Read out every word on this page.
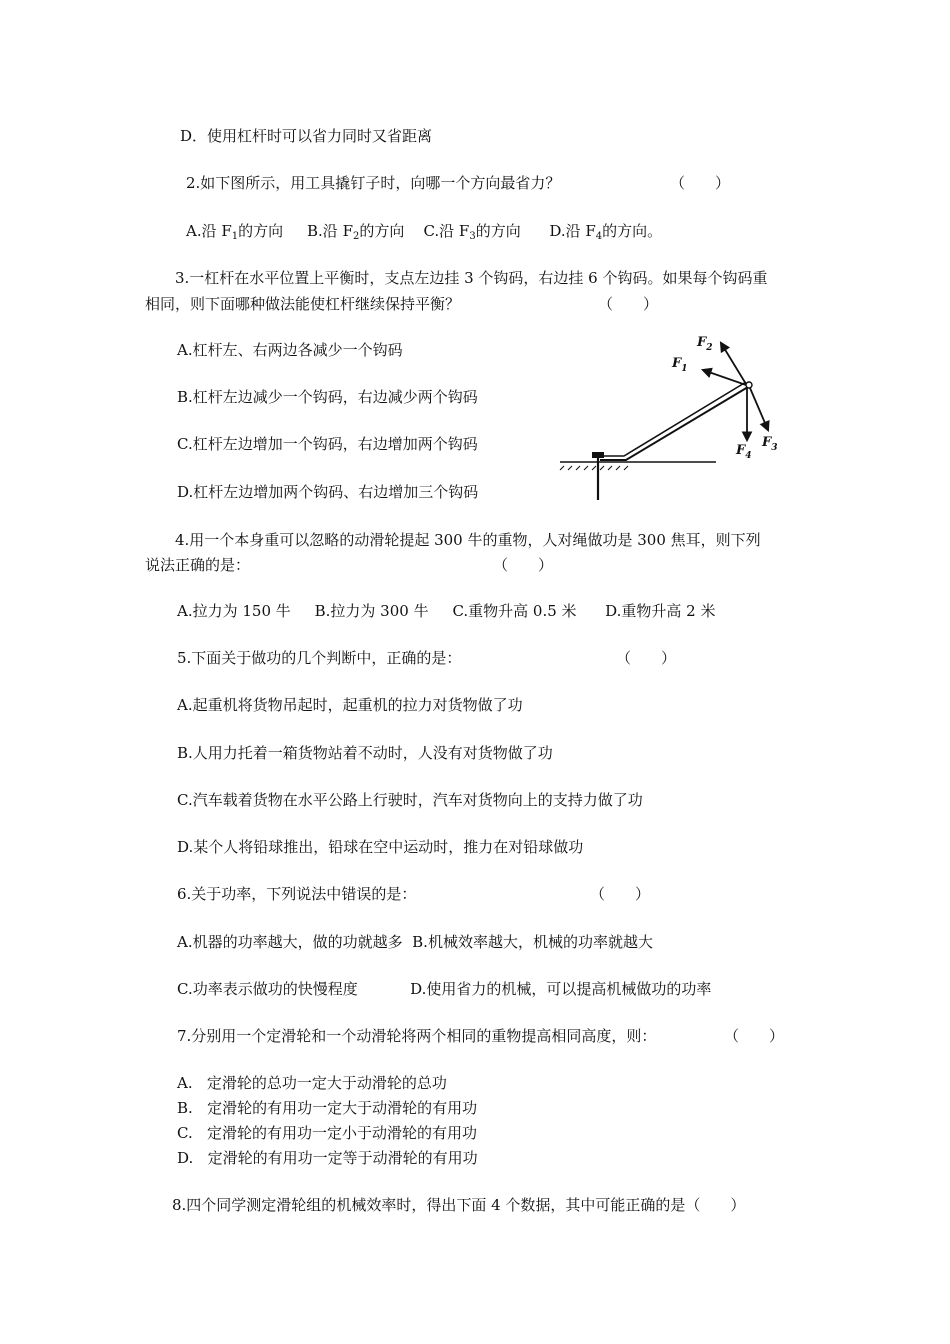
D．使用杠杆时可以省力同时又省距离
2.如下图所示，用工具撬钉子时，向哪一个方向最省力？	（　　）
A.沿 $F_1$的方向 B.沿 $F_2$的方向 C.沿 $F_3$的方向 D.沿 $F_4$的方向。
3.一杠杆在水平位置上平衡时，支点左边挂 3 个钩码，右边挂 6 个钩码。如果每个钩码重
相同，则下面哪种做法能使杠杆继续保持平衡？	（　　）
A.杠杆左、右两边各减少一个钩码
B.杠杆左边减少一个钩码，右边减少两个钩码
C.杠杆左边增加一个钩码，右边增加两个钩码
D.杠杆左边增加两个钩码、右边增加三个钩码
$F_1$
$F_2$
$F_3$
$F_4$
4.用一个本身重可以忽略的动滑轮提起 300 牛的重物，人对绳做功是 300 焦耳，则下列
说法正确的是：	（　　）
A.拉力为 150 牛 B.拉力为 300 牛 C.重物升高 0.5 米 D.重物升高 2 米
5.下面关于做功的几个判断中，正确的是：	（　　）
A.起重机将货物吊起时，起重机的拉力对货物做了功
B.人用力托着一箱货物站着不动时，人没有对货物做了功
C.汽车载着货物在水平公路上行驶时，汽车对货物向上的支持力做了功
D.某个人将铅球推出，铅球在空中运动时，推力在对铅球做功
6.关于功率，下列说法中错误的是：	（　　）
A.机器的功率越大，做的功就越多 B.机械效率越大，机械的功率就越大
C.功率表示做功的快慢程度	D.使用省力的机械，可以提高机械做功的功率
7.分别用一个定滑轮和一个动滑轮将两个相同的重物提高相同高度，则：	（　　）
A.   定滑轮的总功一定大于动滑轮的总功
B.   定滑轮的有用功一定大于动滑轮的有用功
C.   定滑轮的有用功一定小于动滑轮的有用功
D.   定滑轮的有用功一定等于动滑轮的有用功
8.四个同学测定滑轮组的机械效率时，得出下面 4 个数据，其中可能正确的是（　　）
